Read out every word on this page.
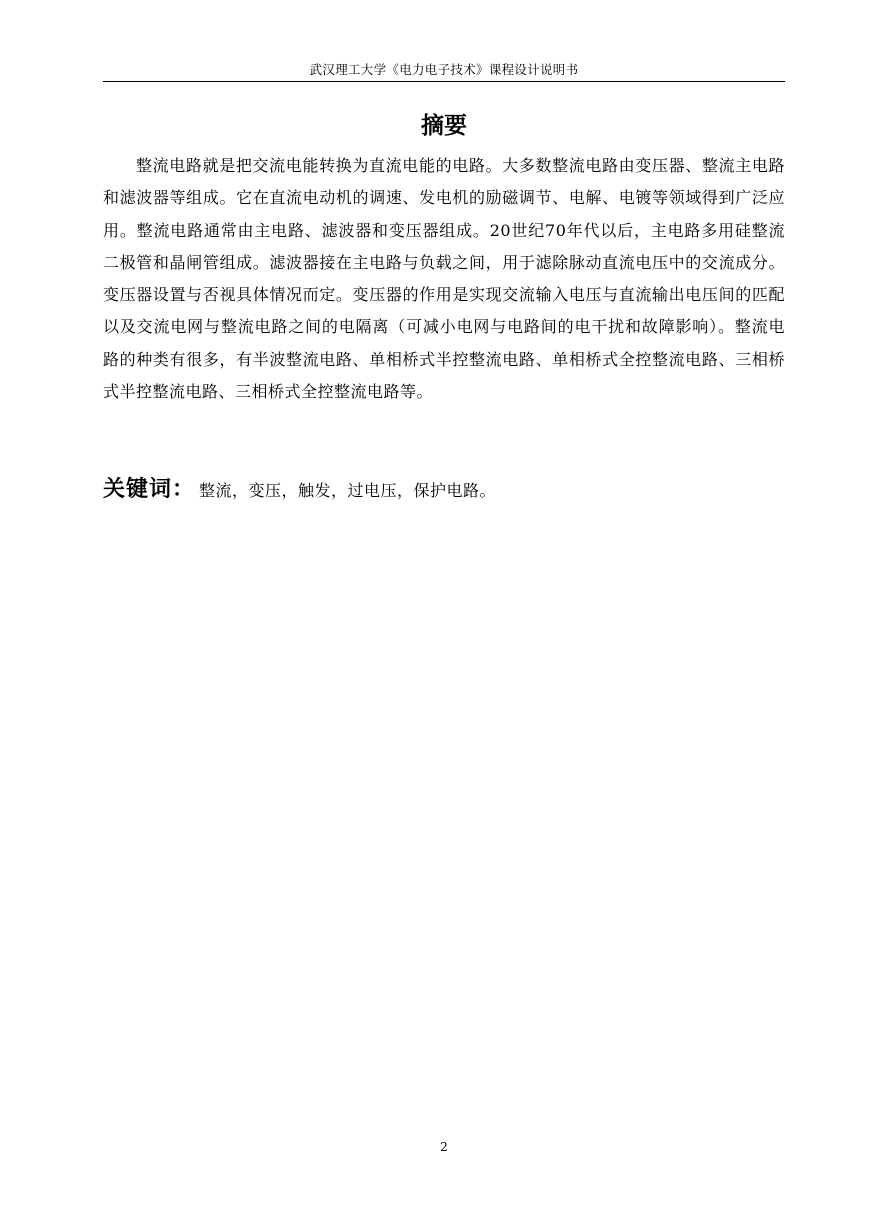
武汉理工大学《电力电子技术》课程设计说明书
摘要

整流电路就是把交流电能转换为直流电能的电路。大多数整流电路由变压器、整流主电路和滤波器等组成。它在直流电动机的调速、发电机的励磁调节、电解、电镀等领域得到广泛应用。整流电路通常由主电路、滤波器和变压器组成。20世纪70年代以后，主电路多用硅整流二极管和晶闸管组成。滤波器接在主电路与负载之间，用于滤除脉动直流电压中的交流成分。变压器设置与否视具体情况而定。变压器的作用是实现交流输入电压与直流输出电压间的匹配以及交流电网与整流电路之间的电隔离（可减小电网与电路间的电干扰和故障影响）。整流电路的种类有很多，有半波整流电路、单相桥式半控整流电路、单相桥式全控整流电路、三相桥式半控整流电路、三相桥式全控整流电路等。

关键词： 整流，变压，触发，过电压，保护电路。
2
